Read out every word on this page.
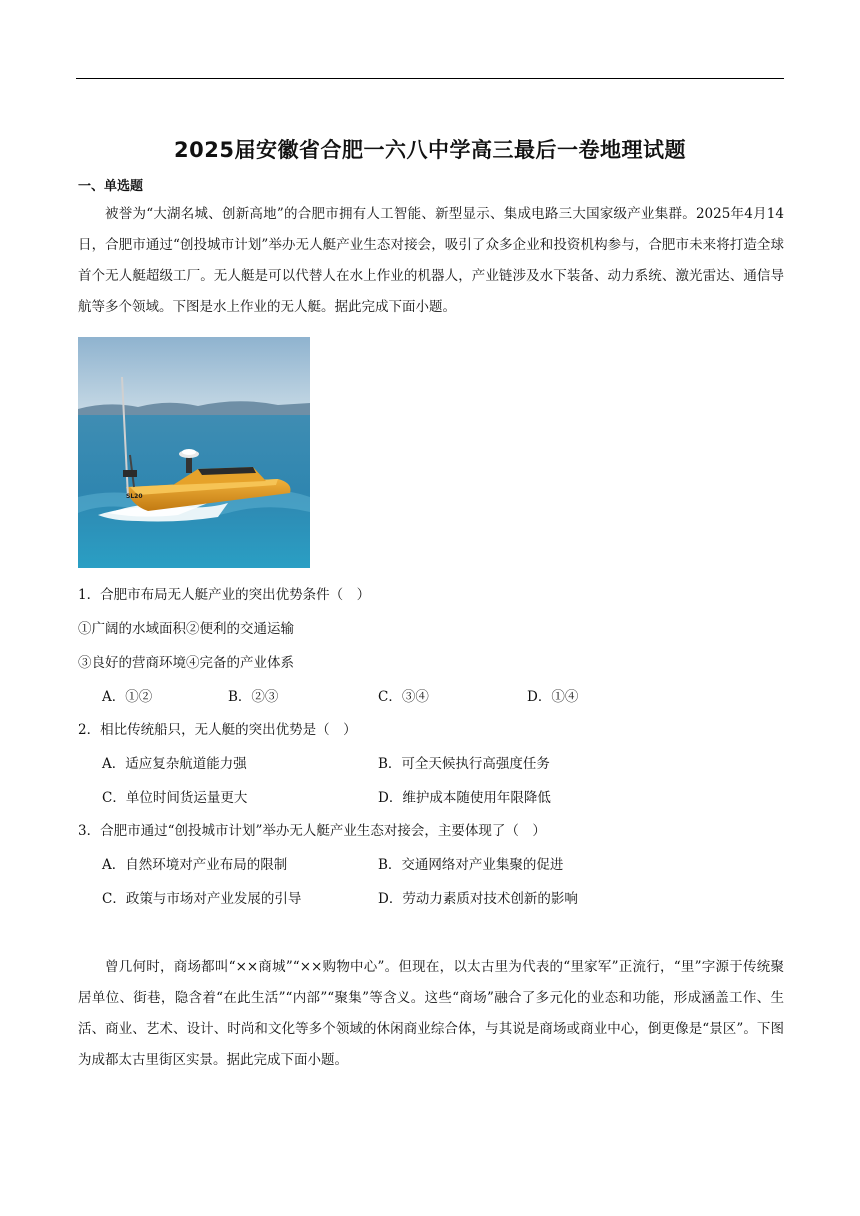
2025届安徽省合肥一六八中学高三最后一卷地理试题
一、单选题

被誉为“大湖名城、创新高地”的合肥市拥有人工智能、新型显示、集成电路三大国家级产业集群。2025年4月14日，合肥市通过“创投城市计划”举办无人艇产业生态对接会，吸引了众多企业和投资机构参与，合肥市未来将打造全球首个无人艇超级工厂。无人艇是可以代替人在水上作业的机器人，产业链涉及水下装备、动力系统、激光雷达、通信导航等多个领域。下图是水上作业的无人艇。据此完成下面小题。

SL20
1．合肥市布局无人艇产业的突出优势条件（　）
①广阔的水域面积②便利的交通运输
③良好的营商环境④完备的产业体系
A．①②	B．②③	C．③④	D．①④
2．相比传统船只，无人艇的突出优势是（　）
A．适应复杂航道能力强	B．可全天候执行高强度任务
C．单位时间货运量更大	D．维护成本随使用年限降低
3．合肥市通过“创投城市计划”举办无人艇产业生态对接会，主要体现了（　）
A．自然环境对产业布局的限制	B．交通网络对产业集聚的促进
C．政策与市场对产业发展的引导	D．劳动力素质对技术创新的影响

曾几何时，商场都叫“××商城”“××购物中心”。但现在，以太古里为代表的“里家军”正流行，“里”字源于传统聚居单位、街巷，隐含着“在此生活”“内部”“聚集”等含义。这些“商场”融合了多元化的业态和功能，形成涵盖工作、生活、商业、艺术、设计、时尚和文化等多个领域的休闲商业综合体，与其说是商场或商业中心，倒更像是“景区”。下图为成都太古里街区实景。据此完成下面小题。
